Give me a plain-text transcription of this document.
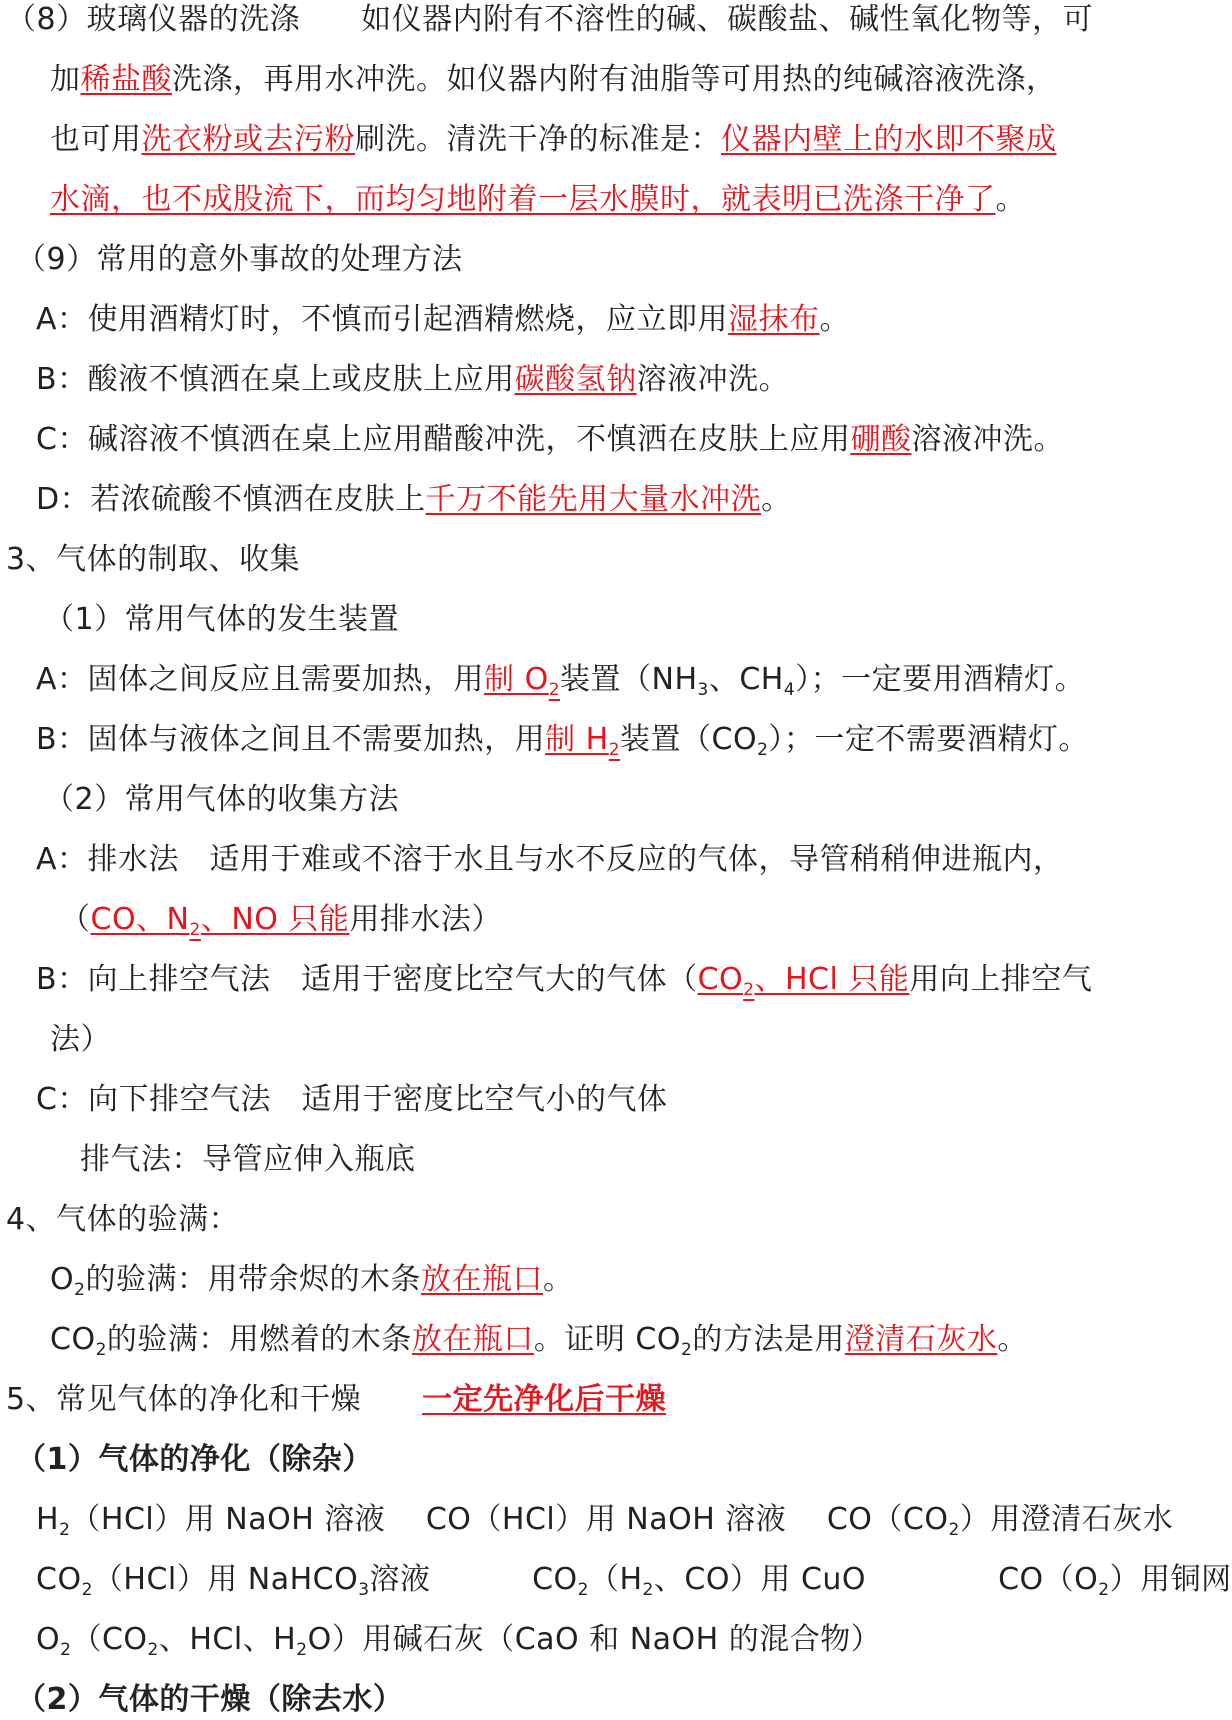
（8）玻璃仪器的洗涤　　如仪器内附有不溶性的碱、碳酸盐、碱性氧化物等，可
加稀盐酸洗涤，再用水冲洗。如仪器内附有油脂等可用热的纯碱溶液洗涤，
也可用洗衣粉或去污粉刷洗。清洗干净的标准是：仪器内壁上的水即不聚成
水滴，也不成股流下，而均匀地附着一层水膜时，就表明已洗涤干净了。
（9）常用的意外事故的处理方法
A：使用酒精灯时，不慎而引起酒精燃烧，应立即用湿抹布。
B：酸液不慎洒在桌上或皮肤上应用碳酸氢钠溶液冲洗。
C：碱溶液不慎洒在桌上应用醋酸冲洗，不慎洒在皮肤上应用硼酸溶液冲洗。
D：若浓硫酸不慎洒在皮肤上千万不能先用大量水冲洗。
3、气体的制取、收集
（1）常用气体的发生装置
A：固体之间反应且需要加热，用制 $O_2$装置（$NH_3$、$CH_4$）；一定要用酒精灯。
B：固体与液体之间且不需要加热，用制 $H_2$装置$(CO_2)$；一定不需要酒精灯。
（2）常用气体的收集方法
A：排水法　适用于难或不溶于水且与水不反应的气体，导管稍稍伸进瓶内，
（CO、$N_2$、NO 只能用排水法）
B：向上排空气法　适用于密度比空气大的气体（$CO_2$、HCl 只能用向上排空气
法）
C：向下排空气法　适用于密度比空气小的气体
排气法：导管应伸入瓶底
4、气体的验满：
$O_2$的验满：用带余烬的木条放在瓶口。
$CO_2$的验满：用燃着的木条放在瓶口。证明 $CO_2$的方法是用澄清石灰水。
5、常见气体的净化和干燥　　一定先净化后干燥
（1）气体的净化（除杂）
$H_2(HCl)$用 NaOH 溶液　 CO（HCl）用 NaOH 溶液　 $CO(CO_2)$用澄清石灰水
$CO_2(HCl)$用 NaHCO$_3$溶液　　　 $CO_2(H_2$、CO）用 CuO　　　　 $CO(O_2)$用铜网
$O_2(CO_2$、HCl、$H_2O$）用碱石灰（CaO 和 NaOH 的混合物）
（2）气体的干燥（除去水）
